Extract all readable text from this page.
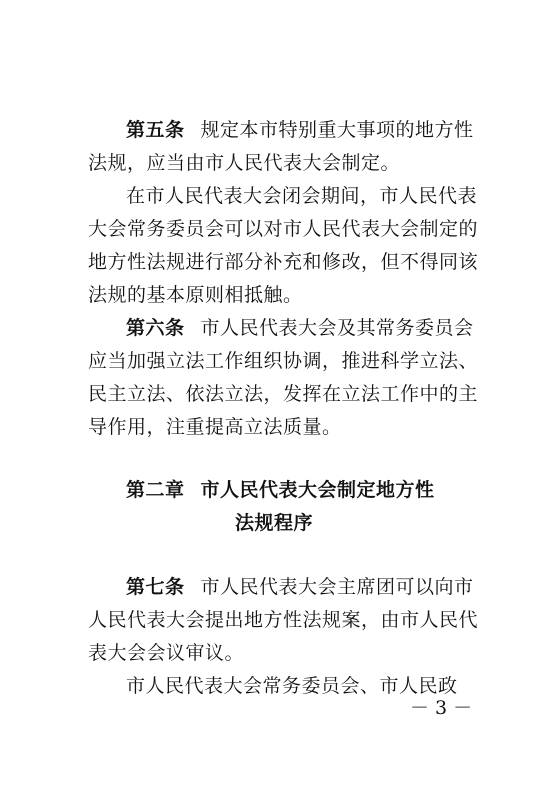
第五条 规定本市特别重大事项的地方性
法规，应当由市人民代表大会制定。
在市人民代表大会闭会期间，市人民代表
大会常务委员会可以对市人民代表大会制定的
地方性法规进行部分补充和修改，但不得同该
法规的基本原则相抵触。
第六条 市人民代表大会及其常务委员会
应当加强立法工作组织协调，推进科学立法、
民主立法、依法立法，发挥在立法工作中的主
导作用，注重提高立法质量。
第二章 市人民代表大会制定地方性
法规程序
第七条 市人民代表大会主席团可以向市
人民代表大会提出地方性法规案，由市人民代
表大会会议审议。
市人民代表大会常务委员会、市人民政
－ 3 －
